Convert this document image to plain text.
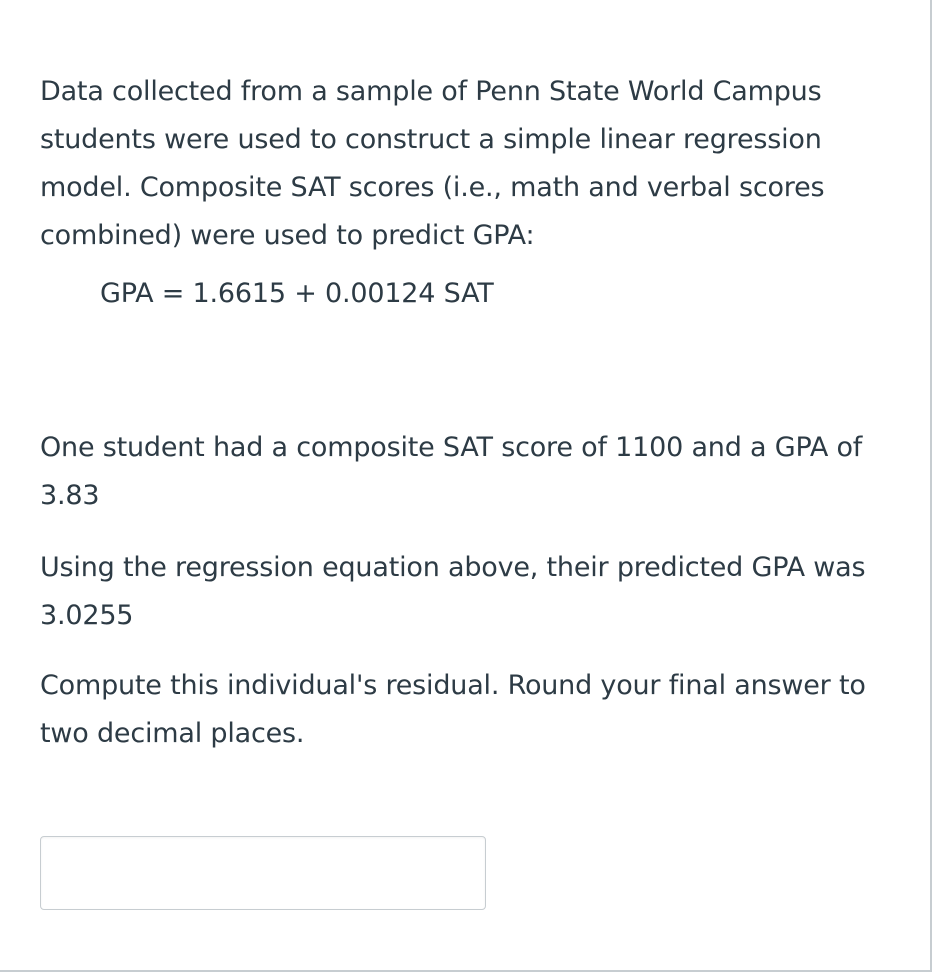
Data collected from a sample of Penn State World Campus students were used to construct a simple linear regression model. Composite SAT scores (i.e., math and verbal scores combined) were used to predict GPA:

GPA = 1.6615 + 0.00124 SAT

One student had a composite SAT score of 1100 and a GPA of 3.83

Using the regression equation above, their predicted GPA was 3.0255

Compute this individual's residual. Round your final answer to two decimal places.
